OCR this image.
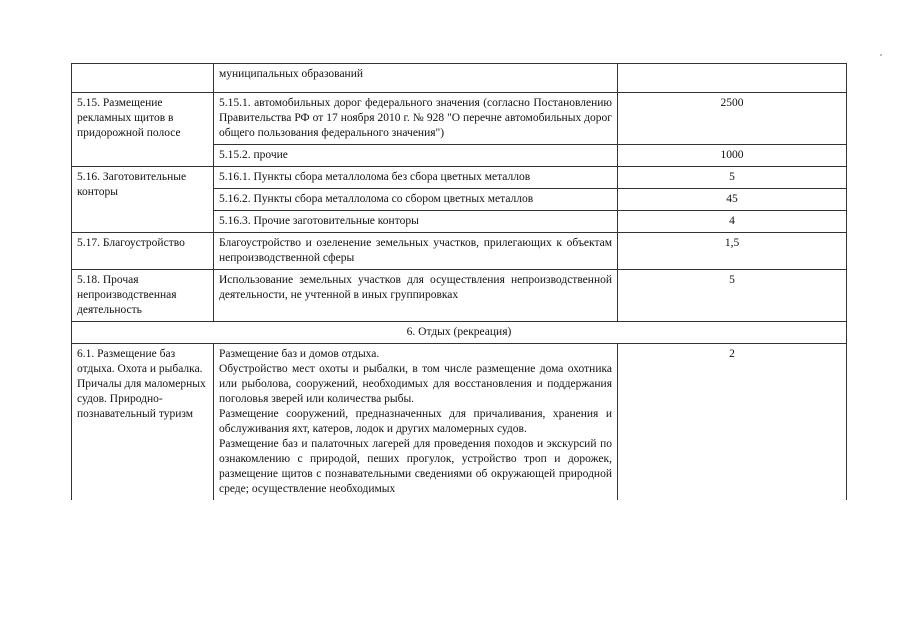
	муниципальных образований	
5.15. Размещение рекламных щитов в придорожной полосе	5.15.1. автомобильных дорог федерального значения (согласно Постановлению Правительства РФ от 17 ноября 2010 г. № 928 "О перечне автомобильных дорог общего пользования федерального значения")	2500
	5.15.2. прочие	1000
5.16. Заготовительные конторы	5.16.1. Пункты сбора металлолома без сбора цветных металлов	5
	5.16.2. Пункты сбора металлолома со сбором цветных металлов	45
	5.16.3. Прочие заготовительные конторы	4
5.17. Благоустройство	Благоустройство и озеленение земельных участков, прилегающих к объектам непроизводственной сферы	1,5
5.18. Прочая непроизводственная деятельность	Использование земельных участков для осуществления непроизводственной деятельности, не учтенной в иных группировках	5
6. Отдых (рекреация)		
6.1. Размещение баз отдыха. Охота и рыбалка. Причалы для маломерных судов. Природно-познавательный туризм	Размещение баз и домов отдыха.
Обустройство мест охоты и рыбалки, в том числе размещение дома охотника или рыболова, сооружений, необходимых для восстановления и поддержания поголовья зверей или количества рыбы.
Размещение сооружений, предназначенных для причаливания, хранения и обслуживания яхт, катеров, лодок и других маломерных судов.
Размещение баз и палаточных лагерей для проведения походов и экскурсий по ознакомлению с природой, пеших прогулок, устройство троп и дорожек, размещение щитов с познавательными сведениями об окружающей природной среде; осуществление необходимых	2
